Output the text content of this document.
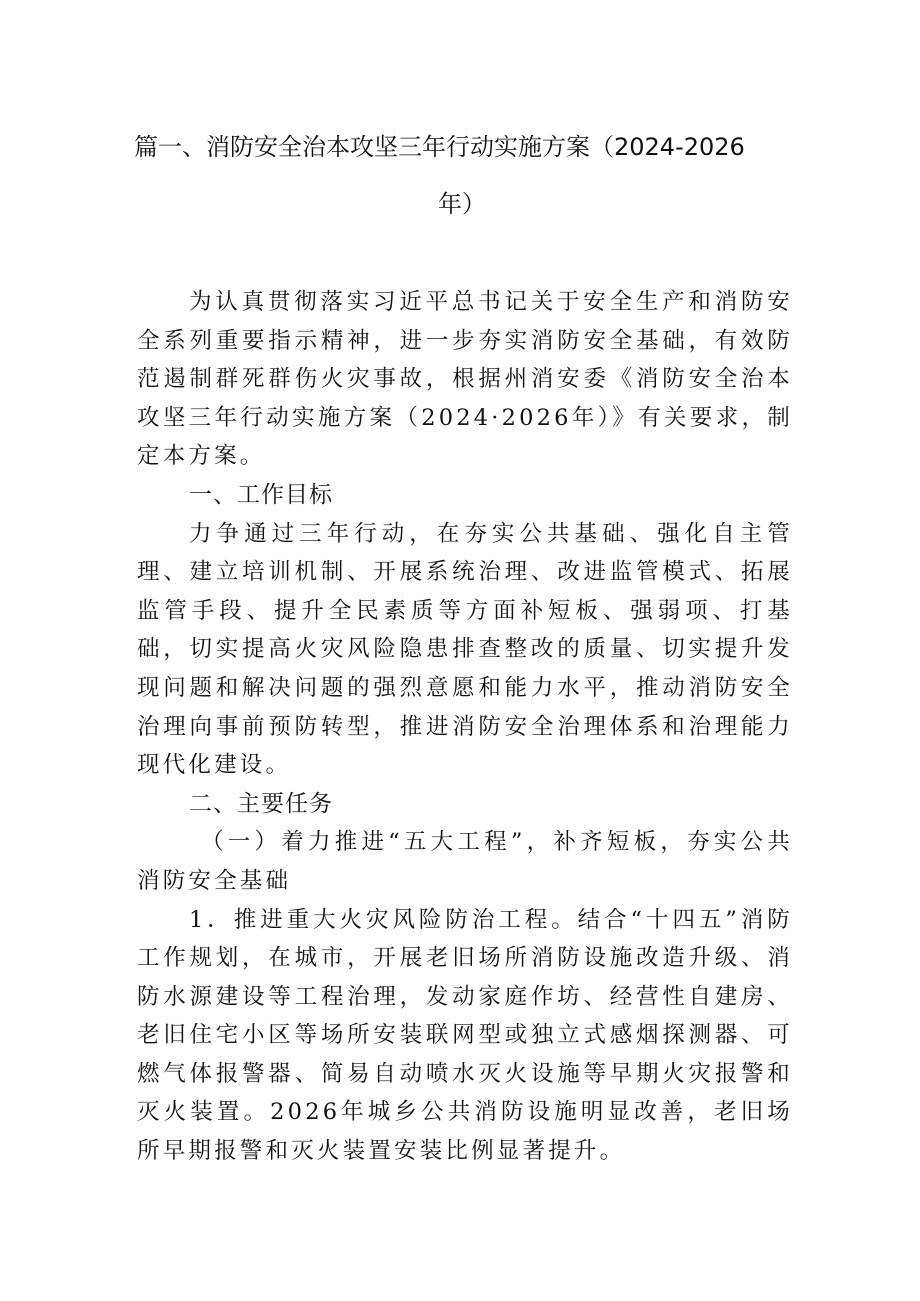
篇一、消防安全治本攻坚三年行动实施方案（2024-2026
年）

为认真贯彻落实习近平总书记关于安全生产和消防安全系列重要指示精神，进一步夯实消防安全基础，有效防范遏制群死群伤火灾事故，根据州消安委《消防安全治本攻坚三年行动实施方案（2024·2026年）》有关要求，制定本方案。

一、工作目标

力争通过三年行动，在夯实公共基础、强化自主管理、建立培训机制、开展系统治理、改进监管模式、拓展监管手段、提升全民素质等方面补短板、强弱项、打基础，切实提高火灾风险隐患排查整改的质量、切实提升发现问题和解决问题的强烈意愿和能力水平，推动消防安全治理向事前预防转型，推进消防安全治理体系和治理能力现代化建设。

二、主要任务

（一）着力推进“五大工程”，补齐短板，夯实公共消防安全基础

1．推进重大火灾风险防治工程。结合“十四五”消防工作规划，在城市，开展老旧场所消防设施改造升级、消防水源建设等工程治理，发动家庭作坊、经营性自建房、老旧住宅小区等场所安装联网型或独立式感烟探测器、可燃气体报警器、简易自动喷水灭火设施等早期火灾报警和灭火装置。2026年城乡公共消防设施明显改善，老旧场所早期报警和灭火装置安装比例显著提升。
